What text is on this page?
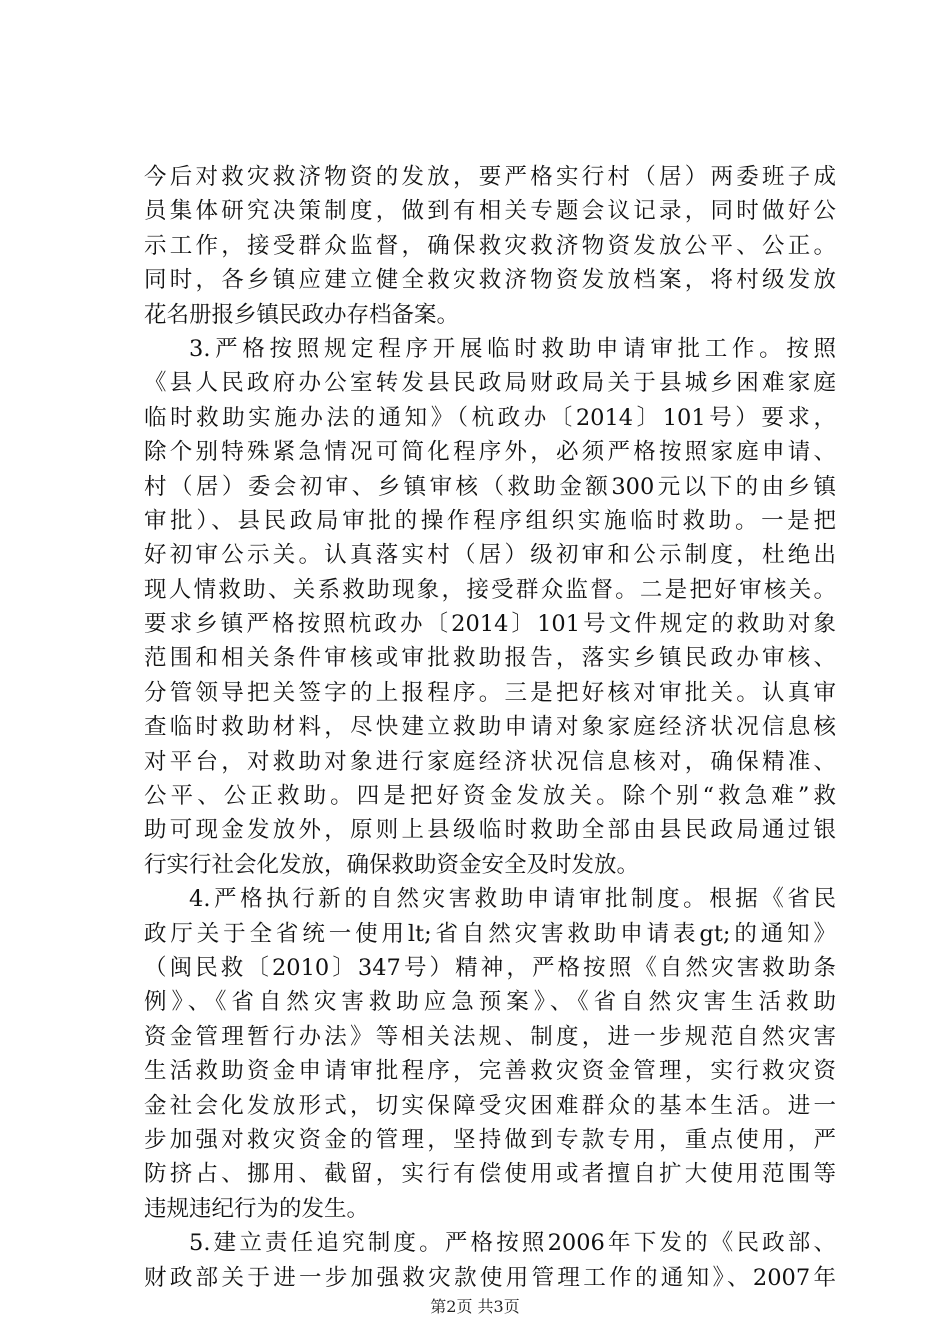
今后对救灾救济物资的发放，要严格实行村（居）两委班子成
员集体研究决策制度，做到有相关专题会议记录，同时做好公
示工作，接受群众监督，确保救灾救济物资发放公平、公正。
同时，各乡镇应建立健全救灾救济物资发放档案，将村级发放
花名册报乡镇民政办存档备案。
3.严格按照规定程序开展临时救助申请审批工作。按照
《县人民政府办公室转发县民政局财政局关于县城乡困难家庭
临时救助实施办法的通知》（杭政办〔2014〕101号）要求，
除个别特殊紧急情况可简化程序外，必须严格按照家庭申请、
村（居）委会初审、乡镇审核（救助金额300元以下的由乡镇
审批）、县民政局审批的操作程序组织实施临时救助。一是把
好初审公示关。认真落实村（居）级初审和公示制度，杜绝出
现人情救助、关系救助现象，接受群众监督。二是把好审核关。
要求乡镇严格按照杭政办〔2014〕101号文件规定的救助对象
范围和相关条件审核或审批救助报告，落实乡镇民政办审核、
分管领导把关签字的上报程序。三是把好核对审批关。认真审
查临时救助材料，尽快建立救助申请对象家庭经济状况信息核
对平台，对救助对象进行家庭经济状况信息核对，确保精准、
公平、公正救助。四是把好资金发放关。除个别“救急难”救
助可现金发放外，原则上县级临时救助全部由县民政局通过银
行实行社会化发放，确保救助资金安全及时发放。
4.严格执行新的自然灾害救助申请审批制度。根据《省民
政厅关于全省统一使用lt;省自然灾害救助申请表gt;的通知》
（闽民救〔2010〕347号）精神，严格按照《自然灾害救助条
例》、《省自然灾害救助应急预案》、《省自然灾害生活救助
资金管理暂行办法》等相关法规、制度，进一步规范自然灾害
生活救助资金申请审批程序，完善救灾资金管理，实行救灾资
金社会化发放形式，切实保障受灾困难群众的基本生活。进一
步加强对救灾资金的管理，坚持做到专款专用，重点使用，严
防挤占、挪用、截留，实行有偿使用或者擅自扩大使用范围等
违规违纪行为的发生。
5.建立责任追究制度。严格按照2006年下发的《民政部、
财政部关于进一步加强救灾款使用管理工作的通知》、2007年
第2页 共3页
